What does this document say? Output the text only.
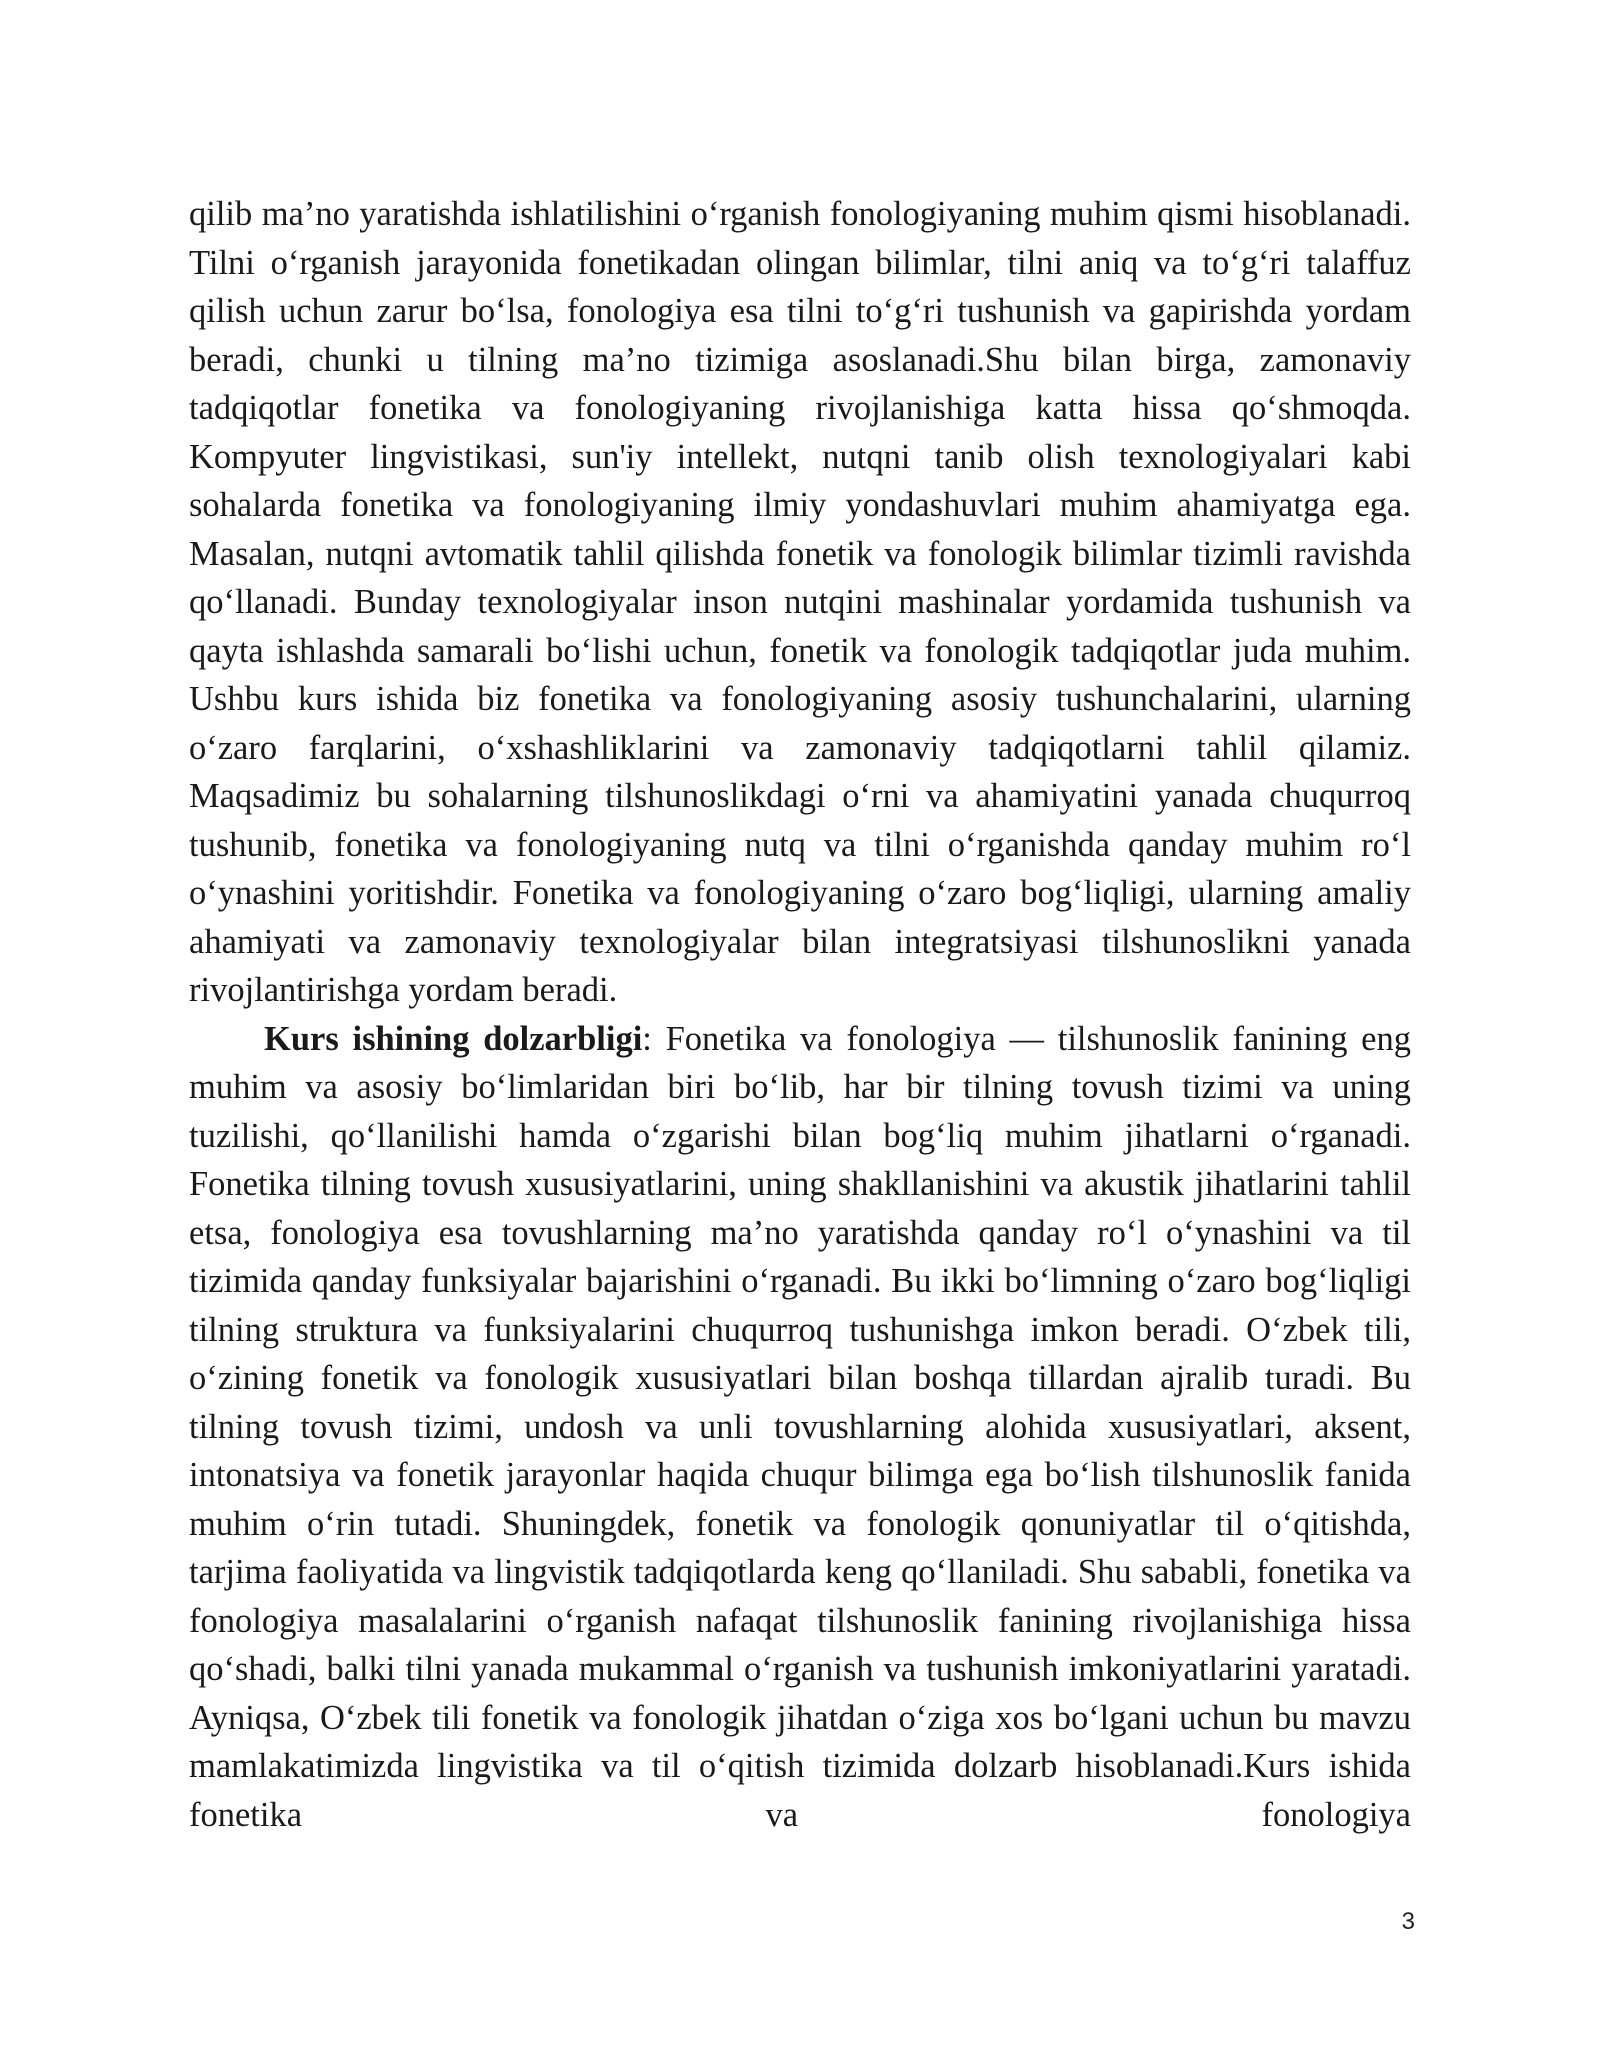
qilib ma’no yaratishda ishlatilishini o‘rganish fonologiyaning muhim qismi hisoblanadi. Tilni o‘rganish jarayonida fonetikadan olingan bilimlar, tilni aniq va to‘g‘ri talaffuz qilish uchun zarur bo‘lsa, fonologiya esa tilni to‘g‘ri tushunish va gapirishda yordam beradi, chunki u tilning ma’no tizimiga asoslanadi.Shu bilan birga, zamonaviy tadqiqotlar fonetika va fonologiyaning rivojlanishiga katta hissa qo‘shmoqda. Kompyuter lingvistikasi, sun'iy intellekt, nutqni tanib olish texnologiyalari kabi sohalarda fonetika va fonologiyaning ilmiy yondashuvlari muhim ahamiyatga ega. Masalan, nutqni avtomatik tahlil qilishda fonetik va fonologik bilimlar tizimli ravishda qo‘llanadi. Bunday texnologiyalar inson nutqini mashinalar yordamida tushunish va qayta ishlashda samarali bo‘lishi uchun, fonetik va fonologik tadqiqotlar juda muhim. Ushbu kurs ishida biz fonetika va fonologiyaning asosiy tushunchalarini, ularning o‘zaro farqlarini, o‘xshashliklarini va zamonaviy tadqiqotlarni tahlil qilamiz. Maqsadimiz bu sohalarning tilshunoslikdagi o‘rni va ahamiyatini yanada chuqurroq tushunib, fonetika va fonologiyaning nutq va tilni o‘rganishda qanday muhim ro‘l o‘ynashini yoritishdir. Fonetika va fonologiyaning o‘zaro bog‘liqligi, ularning amaliy ahamiyati va zamonaviy texnologiyalar bilan integratsiyasi tilshunoslikni yanada rivojlantirishga yordam beradi.

Kurs ishining dolzarbligi: Fonetika va fonologiya — tilshunoslik fanining eng muhim va asosiy bo‘limlaridan biri bo‘lib, har bir tilning tovush tizimi va uning tuzilishi, qo‘llanilishi hamda o‘zgarishi bilan bog‘liq muhim jihatlarni o‘rganadi. Fonetika tilning tovush xususiyatlarini, uning shakllanishini va akustik jihatlarini tahlil etsa, fonologiya esa tovushlarning ma’no yaratishda qanday ro‘l o‘ynashini va til tizimida qanday funksiyalar bajarishini o‘rganadi. Bu ikki bo‘limning o‘zaro bog‘liqligi tilning struktura va funksiyalarini chuqurroq tushunishga imkon beradi. O‘zbek tili, o‘zining fonetik va fonologik xususiyatlari bilan boshqa tillardan ajralib turadi. Bu tilning tovush tizimi, undosh va unli tovushlarning alohida xususiyatlari, aksent, intonatsiya va fonetik jarayonlar haqida chuqur bilimga ega bo‘lish tilshunoslik fanida muhim o‘rin tutadi. Shuningdek, fonetik va fonologik qonuniyatlar til o‘qitishda, tarjima faoliyatida va lingvistik tadqiqotlarda keng qo‘llaniladi. Shu sababli, fonetika va fonologiya masalalarini o‘rganish nafaqat tilshunoslik fanining rivojlanishiga hissa qo‘shadi, balki tilni yanada mukammal o‘rganish va tushunish imkoniyatlarini yaratadi. Ayniqsa, O‘zbek tili fonetik va fonologik jihatdan o‘ziga xos bo‘lgani uchun bu mavzu mamlakatimizda lingvistika va til o‘qitish tizimida dolzarb hisoblanadi.Kurs ishida fonetika va fonologiya

3
